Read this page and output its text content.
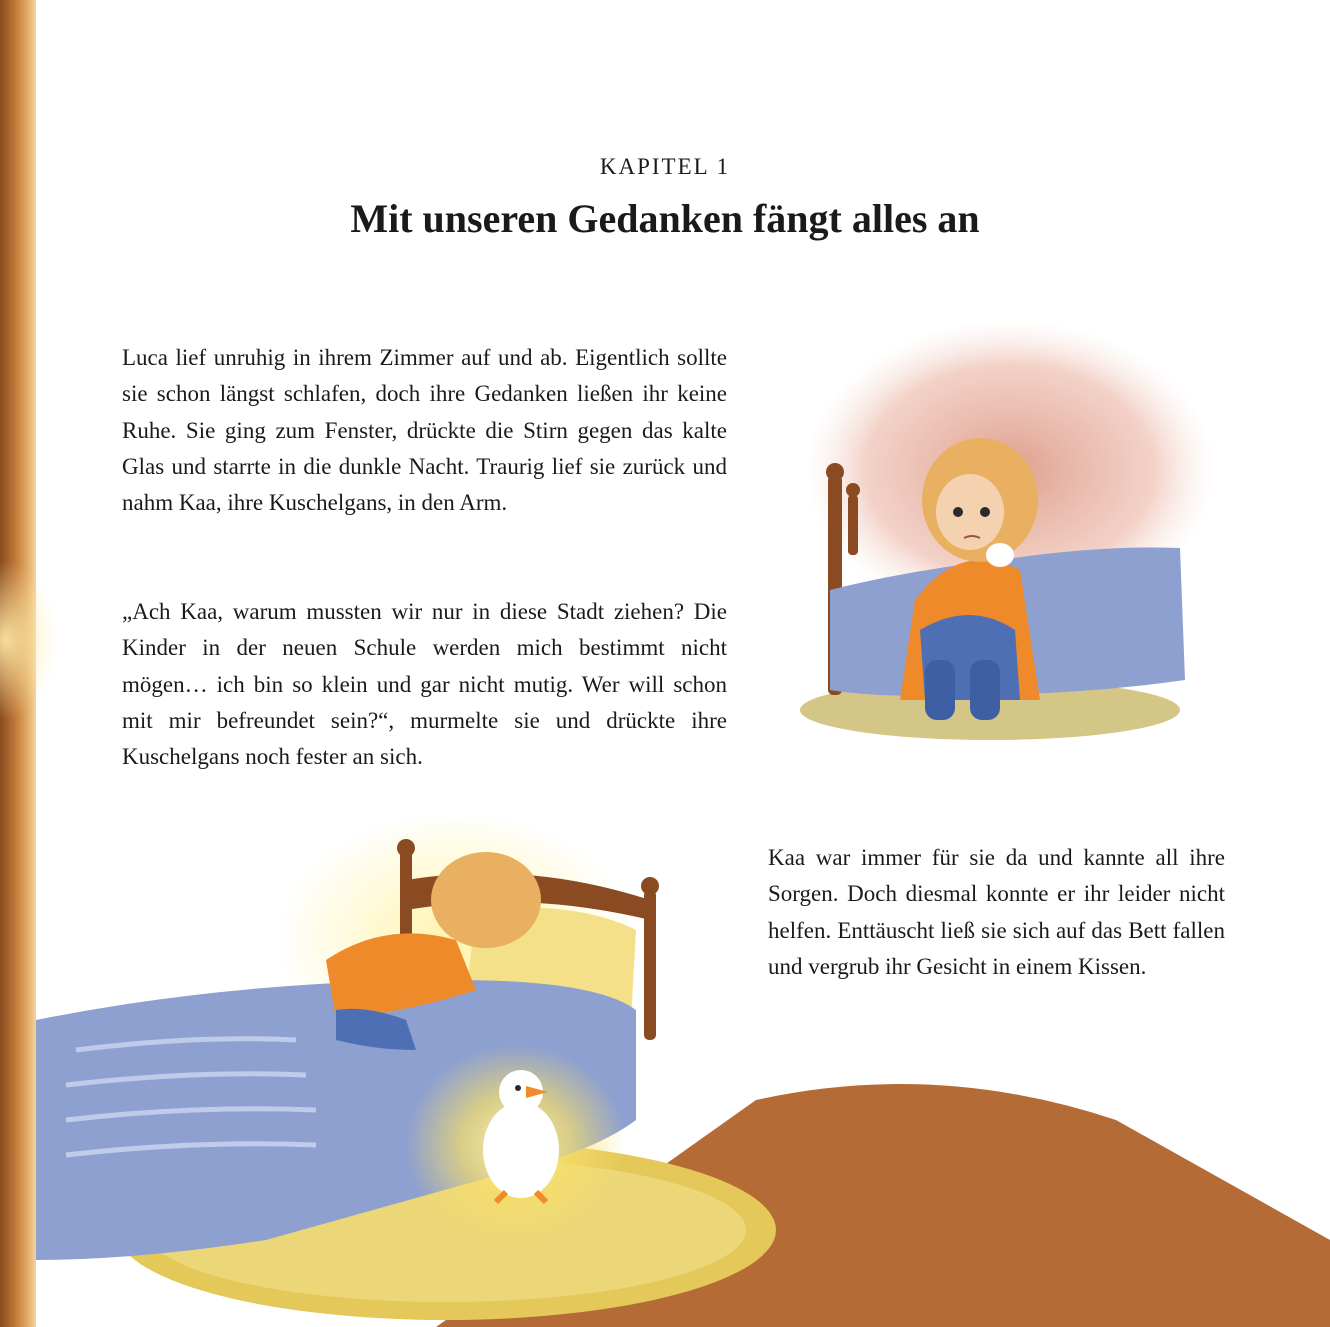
KAPITEL 1
Mit unseren Gedanken fängt alles an

Luca lief unruhig in ihrem Zimmer auf und ab. Eigentlich sollte sie schon längst schlafen, doch ihre Gedanken ließen ihr keine Ruhe. Sie ging zum Fenster, drückte die Stirn gegen das kalte Glas und starrte in die dunkle Nacht. Traurig lief sie zurück und nahm Kaa, ihre Kuschelgans, in den Arm.

„Ach Kaa, warum mussten wir nur in diese Stadt ziehen? Die Kinder in der neuen Schule werden mich bestimmt nicht mögen… ich bin so klein und gar nicht mutig. Wer will schon mit mir befreundet sein?“, murmelte sie und drückte ihre Kuschelgans noch fester an sich.

Kaa war immer für sie da und kannte all ihre Sorgen. Doch diesmal konnte er ihr leider nicht helfen. Enttäuscht ließ sie sich auf das Bett fallen und vergrub ihr Gesicht in einem Kissen.
